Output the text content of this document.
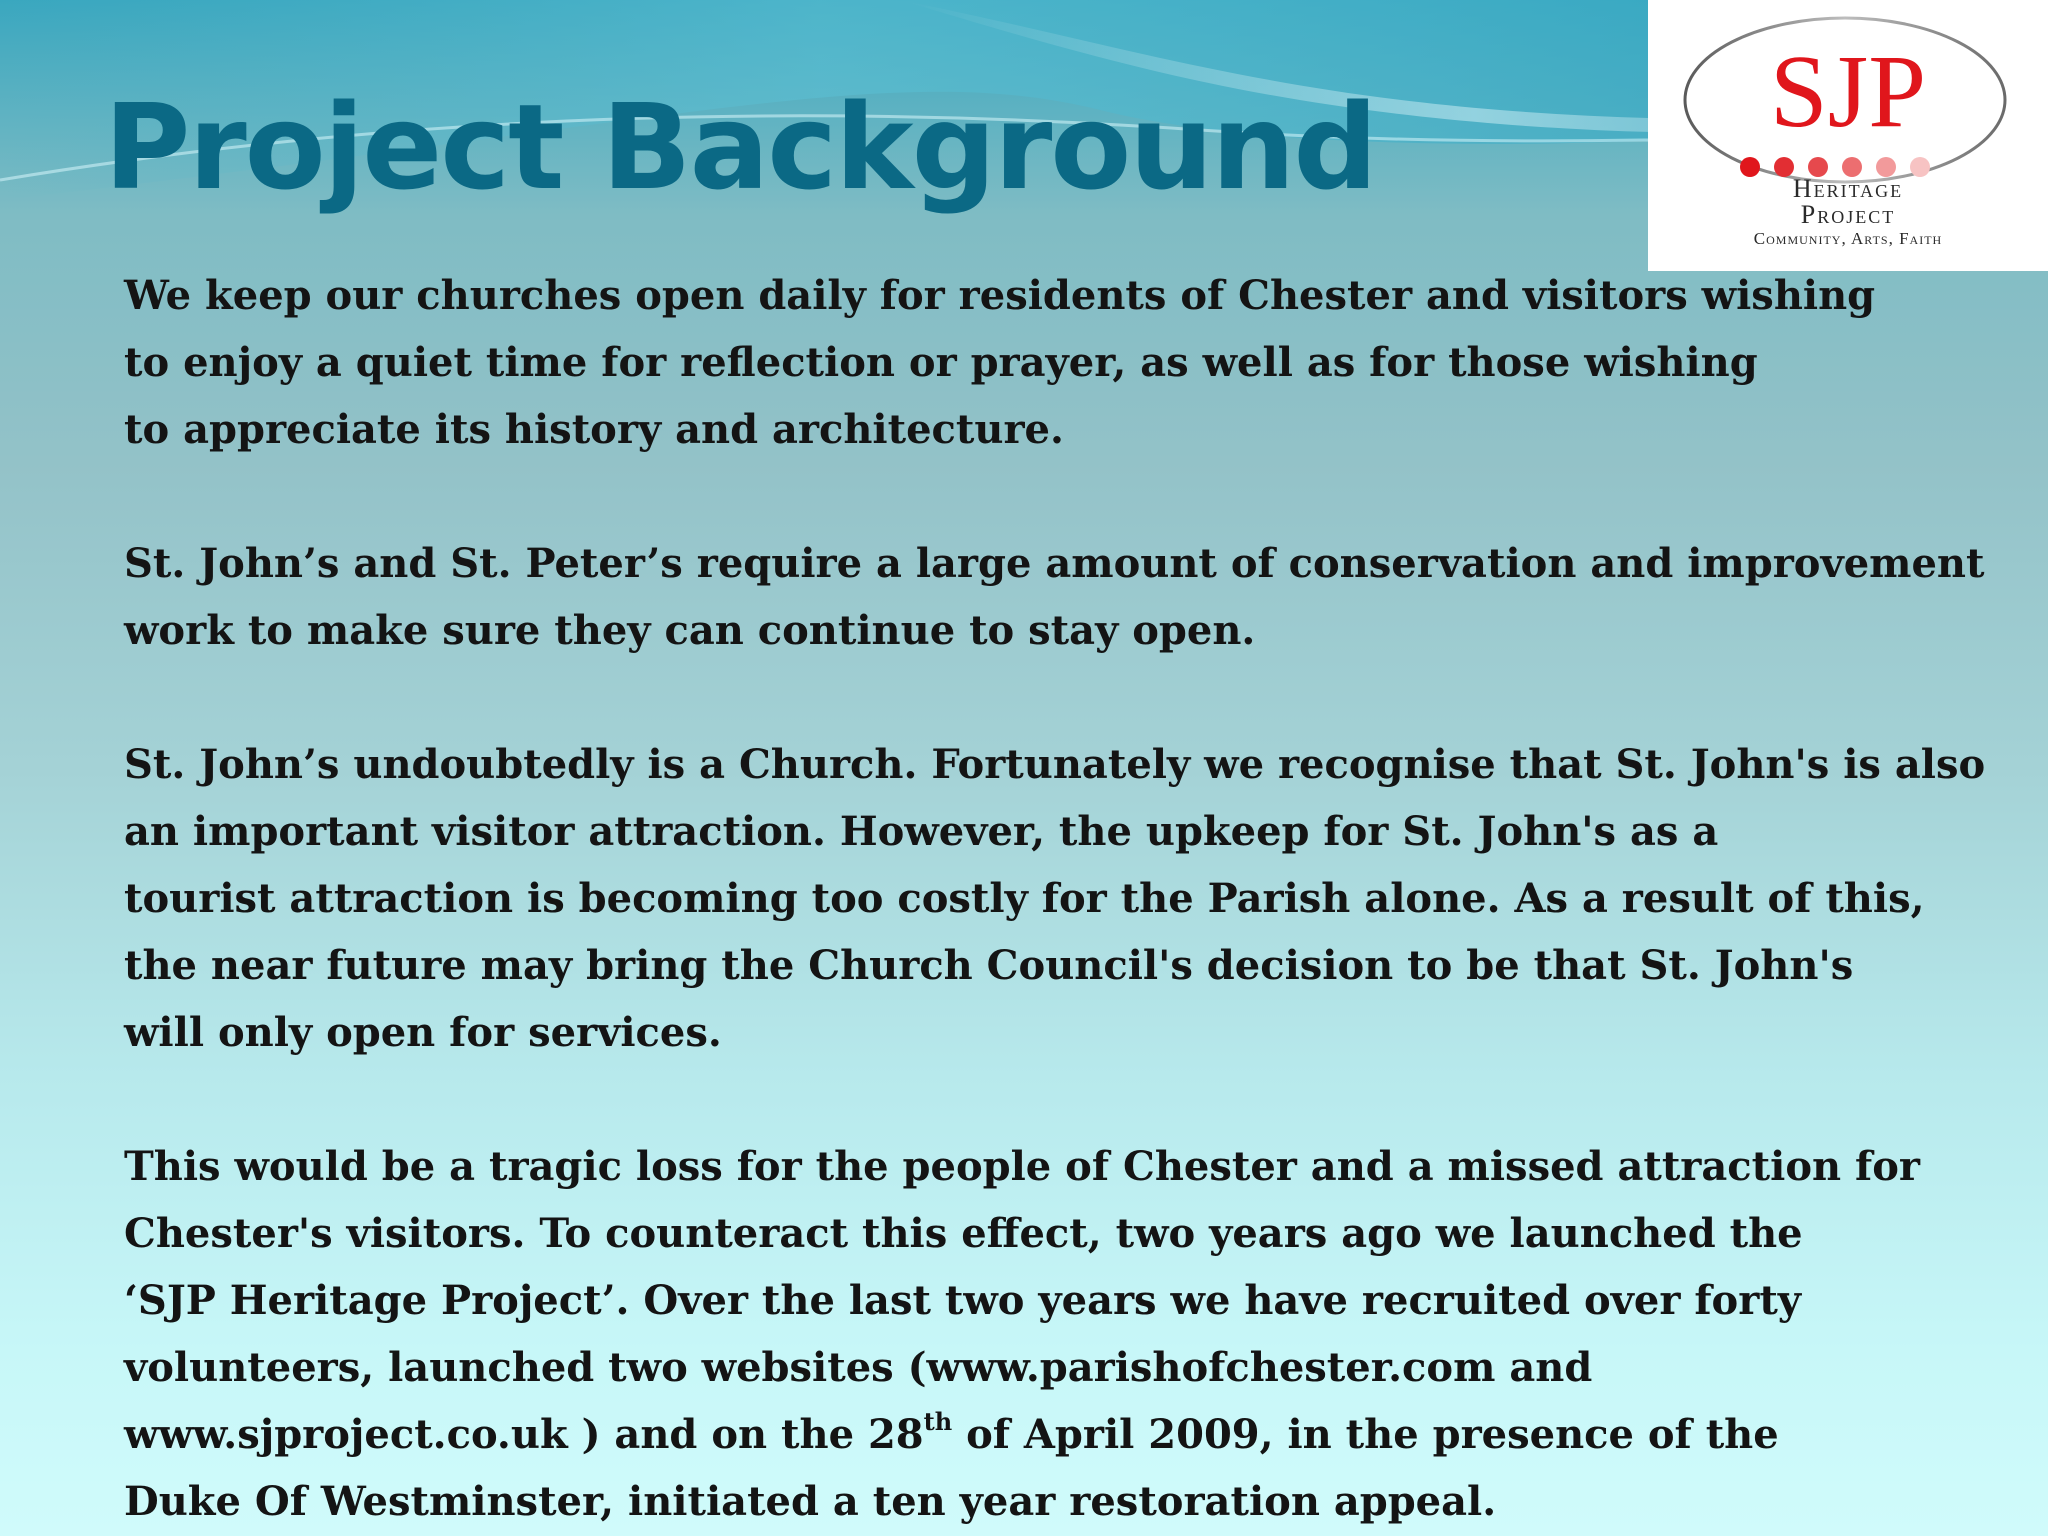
Project Background	SJP
Heritage
Project
Community, Arts, Faith

We keep our churches open daily for residents of Chester and visitors wishing
to enjoy a quiet time for reflection or prayer, as well as for those wishing
to appreciate its history and architecture.

St. John’s and St. Peter’s require a large amount of conservation and improvement
work to make sure they can continue to stay open.

St. John’s undoubtedly is a Church. Fortunately we recognise that St. John's is also
an important visitor attraction. However, the upkeep for St. John's as a
tourist attraction is becoming too costly for the Parish alone. As a result of this,
the near future may bring the Church Council's decision to be that St. John's
will only open for services.

This would be a tragic loss for the people of Chester and a missed attraction for
Chester's visitors. To counteract this effect, two years ago we launched the
‘SJP Heritage Project’. Over the last two years we have recruited over forty
volunteers, launched two websites (www.parishofchester.com and
www.sjproject.co.uk ) and on the 28th of April 2009, in the presence of the
Duke Of Westminster, initiated a ten year restoration appeal.
